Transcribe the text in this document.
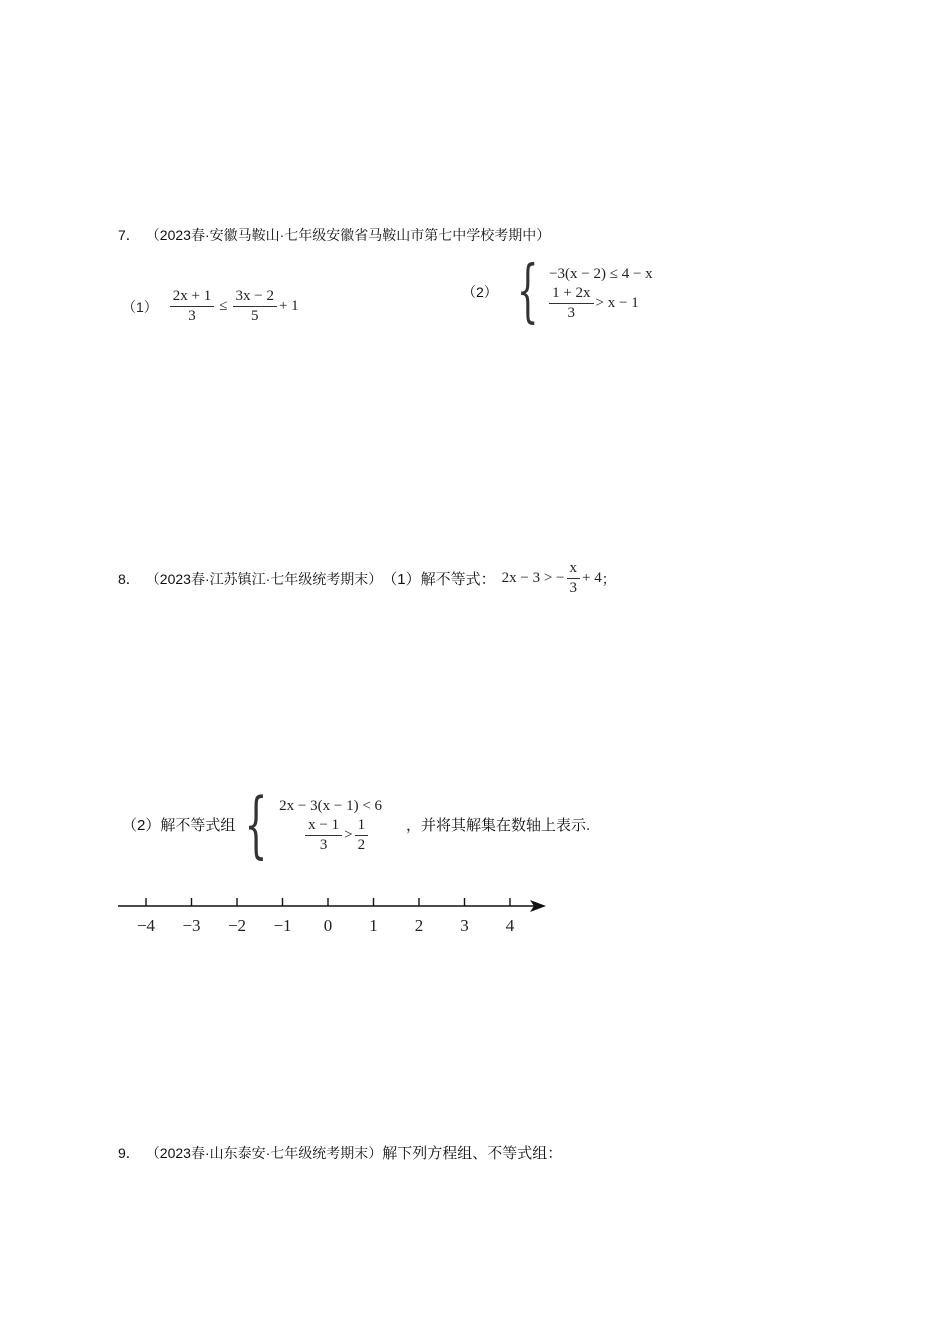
7． （2023春·安徽马鞍山·七年级安徽省马鞍山市第七中学校考期中）
$(1) \frac{2x + 1}{3} \le \frac{3x - 2}{5} + 1$
（2） { −3(x − 2) ≤ 4 − x
$\frac{1 + 2x}{3} > x - 1$
8． （2023春·江苏镇江·七年级统考期末） （1）解不等式： 2x − 3 > − $\frac{x}{3} + 4$ ；
（2）解不等式组 { 2x − 3(x − 1) < 6
$\frac{x - 1}{3} > \frac{1}{2}$	，并将其解集在数轴上表示.
−4 −3 −2 −1 0 1 2 3 4
9． （2023春·山东泰安·七年级统考期末） 解下列方程组、不等式组：
